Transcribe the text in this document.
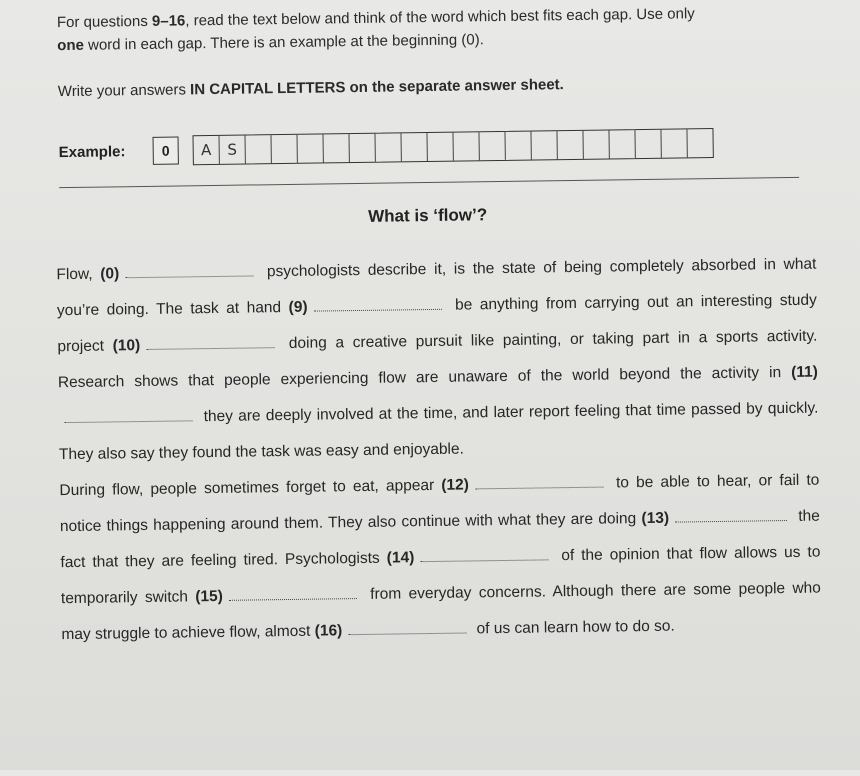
For questions 9–16, read the text below and think of the word which best fits each gap. Use only
one word in each gap. There is an example at the beginning (0).
Write your answers IN CAPITAL LETTERS on the separate answer sheet.
Example:	0	A	S
What is ‘flow’?
Flow, (0)	psychologists describe it, is the state of being completely absorbed in what you’re doing. The task at hand (9)	be anything from carrying out an interesting study project (10)	doing a creative pursuit like painting, or taking part in a sports activity. Research shows that people experiencing flow are unaware of the world beyond the activity in (11) they are deeply involved at the time, and later report feeling that time passed by quickly. They also say they found the task was easy and enjoyable.
During flow, people sometimes forget to eat, appear (12)	to be able to hear, or fail to notice things happening around them. They also continue with what they are doing (13)	the fact that they are feeling tired. Psychologists (14)	of the opinion that flow allows us to temporarily switch (15)	from everyday concerns. Although there are some people who may struggle to achieve flow, almost (16)	of us can learn how to do so.
